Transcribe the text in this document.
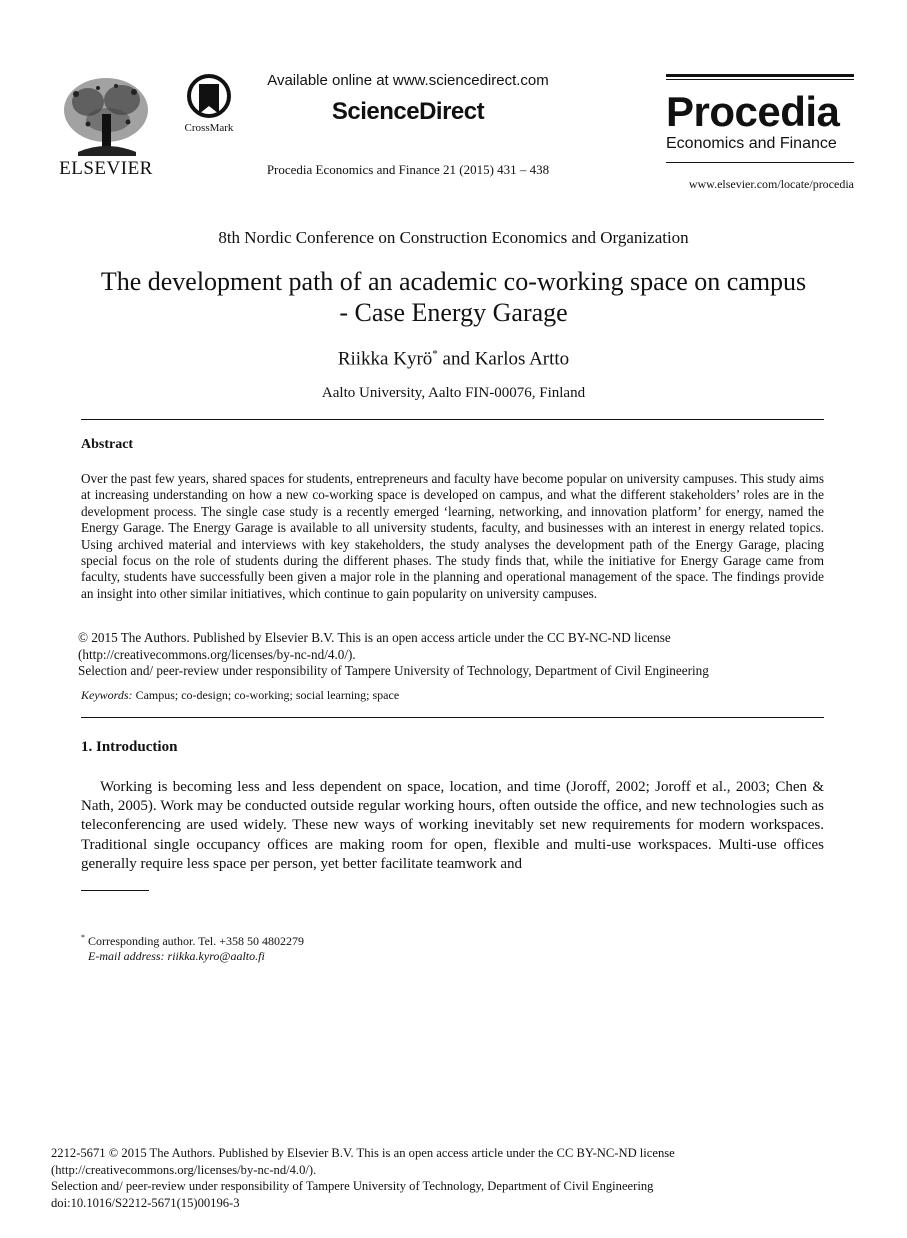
ELSEVIER
CrossMark
Available online at www.sciencedirect.com
ScienceDirect
Procedia Economics and Finance 21 (2015) 431 – 438
Procedia
Economics and Finance
www.elsevier.com/locate/procedia
8th Nordic Conference on Construction Economics and Organization
The development path of an academic co-working space on campus
- Case Energy Garage
Riikka Kyrö* and Karlos Artto
Aalto University, Aalto FIN-00076, Finland
Abstract
Over the past few years, shared spaces for students, entrepreneurs and faculty have become popular on university campuses. This study aims at increasing understanding on how a new co-working space is developed on campus, and what the different stakeholders’ roles are in the development process. The single case study is a recently emerged ‘learning, networking, and innovation platform’ for energy, named the Energy Garage. The Energy Garage is available to all university students, faculty, and businesses with an interest in energy related topics. Using archived material and interviews with key stakeholders, the study analyses the development path of the Energy Garage, placing special focus on the role of students during the different phases. The study finds that, while the initiative for Energy Garage came from faculty, students have successfully been given a major role in the planning and operational management of the space. The findings provide an insight into other similar initiatives, which continue to gain popularity on university campuses.
© 2015 The Authors. Published by Elsevier B.V. This is an open access article under the CC BY-NC-ND license
(http://creativecommons.org/licenses/by-nc-nd/4.0/).
Selection and/ peer-review under responsibility of Tampere University of Technology, Department of Civil Engineering
Keywords: Campus; co-design; co-working; social learning; space
1. Introduction
Working is becoming less and less dependent on space, location, and time (Joroff, 2002; Joroff et al., 2003; Chen & Nath, 2005). Work may be conducted outside regular working hours, often outside the office, and new technologies such as teleconferencing are used widely. These new ways of working inevitably set new requirements for modern workspaces. Traditional single occupancy offices are making room for open, flexible and multi-use workspaces. Multi-use offices generally require less space per person, yet better facilitate teamwork and
* Corresponding author. Tel. +358 50 4802279
E-mail address: riikka.kyro@aalto.fi
2212-5671 © 2015 The Authors. Published by Elsevier B.V. This is an open access article under the CC BY-NC-ND license
(http://creativecommons.org/licenses/by-nc-nd/4.0/).
Selection and/ peer-review under responsibility of Tampere University of Technology, Department of Civil Engineering
doi:10.1016/S2212-5671(15)00196-3
